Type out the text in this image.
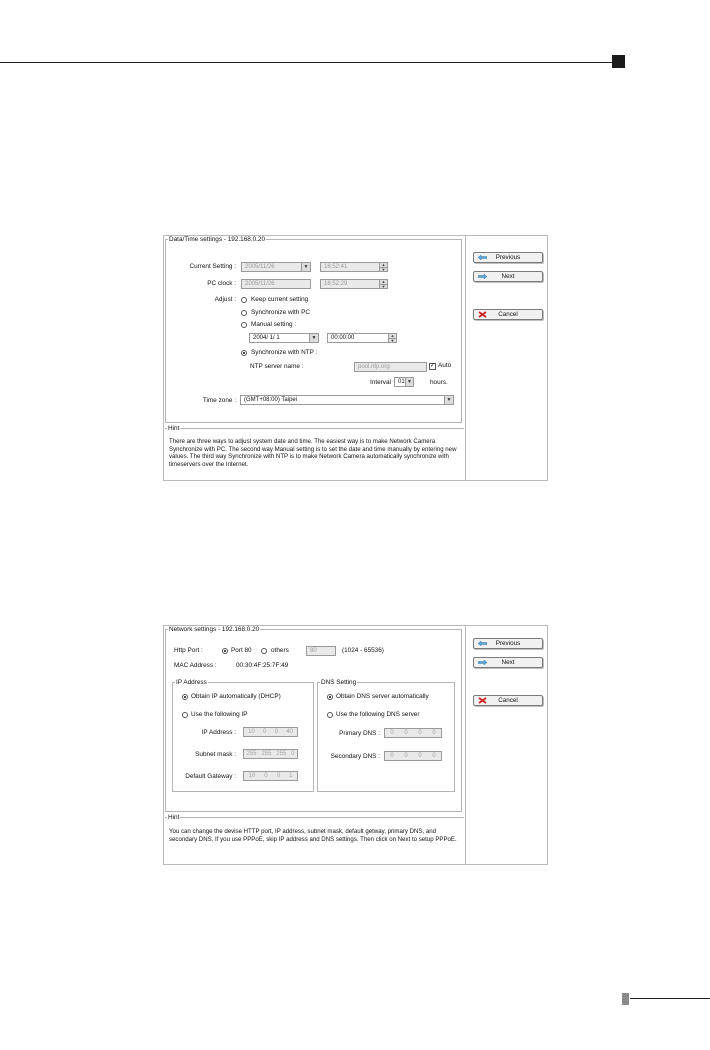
Data/Time settings - 192.168.0.20
Current Setting :	2005/11/26	▼	16:52:41	▲
▼
PC clock :	2005/11/26	16:52:29	▲
▼
Adjust : Keep current setting
Synchronize with PC
Manual setting :
2004/ 1/ 1	▼	00:00:00	▲
▼
Synchronize with NTP :
NTP server name :	pool.ntp.org	✓ Auto
Interval	01 ▼	hours.
Time zone :	(GMT+08:00) Taipei	▼
Hint
There are three ways to adjust system date and time. The easiest way is to make Network Camera Synchronize with PC. The second way Manual setting is to set the date and time manually by entering new values. The third way Synchronize with NTP is to make Network Camera automatically synchronize with timeservers over the Internet.
Previous
Next
Cancel
Network settings - 192.168.0.20
Http Port :	Port 80	others	80	(1024 - 65536)
MAC Address :	00:30:4F:25:7F:49
IP Address
Obtain IP automatically (DHCP)
Use the following IP
IP Address : 10 0 0 40
Subnet mask : 255 255 255 0
Default Gateway : 10 0 0 1
DNS Setting
Obtain DNS server automatically
Use the following DNS server
Primary DNS : 0 0 0 0
Secondary DNS : 0 0 0 0
Hint
You can change the devise HTTP port, IP address, subnet mask, default getway, primary DNS, and secondary DNS. If you use PPPoE, skip IP address and DNS settings. Then click on Next to setup PPPoE.
Previous
Next
Cancel
